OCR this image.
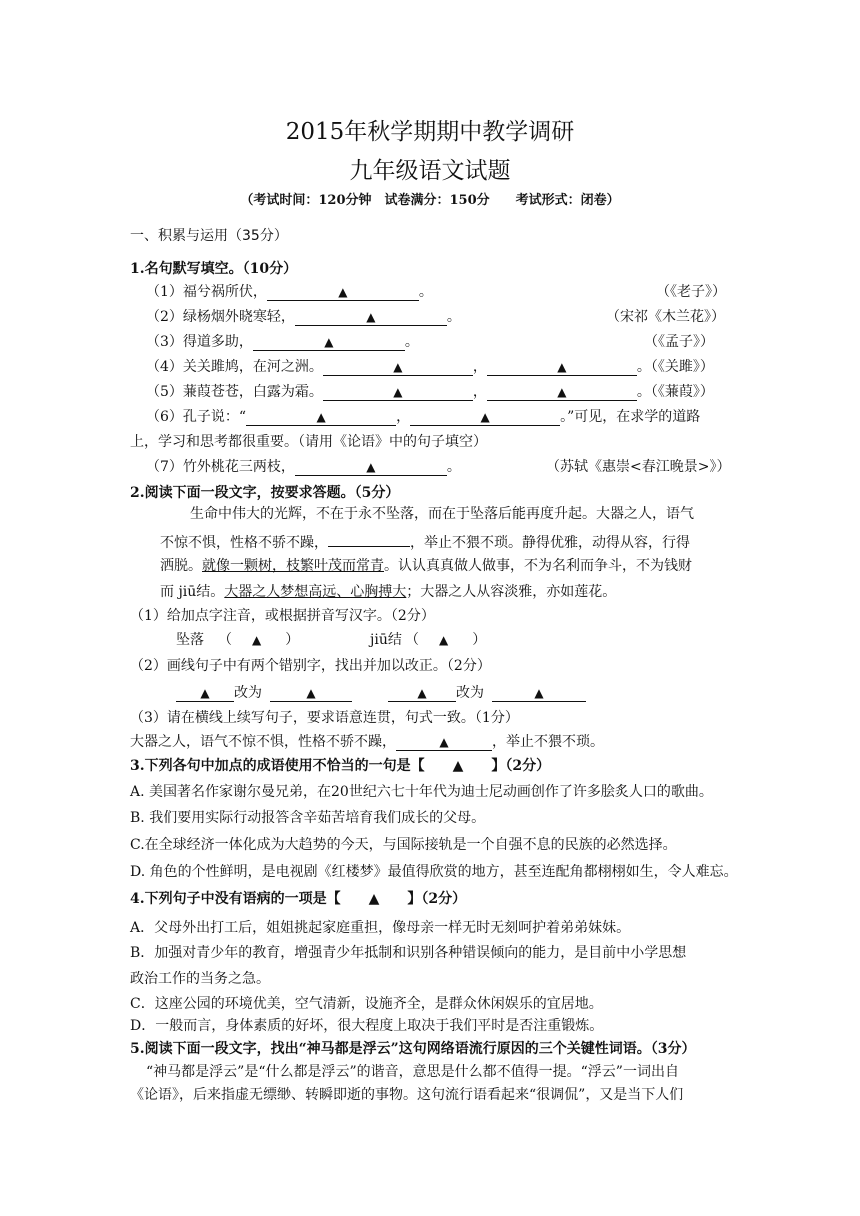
2015年秋学期期中教学调研
九年级语文试题
（考试时间：120分钟　试卷满分：150分　　考试形式：闭卷）
一、积累与运用（35分）
1.名句默写填空。（10分）
（1）福兮祸所伏，	▲	。	（《老子》）
（2）绿杨烟外晓寒轻，	▲	。	（宋祁《木兰花》）
（3）得道多助，	▲	。	（《孟子》）
（4）关关雎鸠，在河之洲。	▲	，	▲	。（《关雎》）
（5）蒹葭苍苍，白露为霜。	▲	，	▲	。（《蒹葭》）
（6）孔子说：“	▲	，	▲	。”可见，在求学的道路
上，学习和思考都很重要。（请用《论语》中的句子填空）
（7）竹外桃花三两枝，	▲	。	（苏轼《惠崇<春江晚景>》）
2.阅读下面一段文字，按要求答题。（5分）
生命中伟大的光辉，不在于永不坠落，而在于坠落后能再度升起。大器之人，语气
不惊不惧，性格不骄不躁，	，举止不猥不琐。静得优雅，动得从容，行得
洒脱。就像一颗树，枝繁叶茂而常青。认认真真做人做事，不为名利而争斗，不为钱财
而 jiū结。大器之人梦想高远、心胸搏大；大器之人从容淡雅，亦如莲花。
（1）给加点字注音，或根据拼音写汉字。（2分）
坠落 （ ▲ ）	jiū结 （ ▲ ）
（2）画线句子中有两个错别字，找出并加以改正。（2分）
▲ 改为	▲	▲ 改为	▲
（3）请在横线上续写句子，要求语意连贯，句式一致。（1分）
大器之人，语气不惊不惧，性格不骄不躁，	▲	，举止不猥不琐。
3.下列各句中加点的成语使用不恰当的一句是【　　▲　　】（2分）
A. 美国著名作家谢尔曼兄弟，在20世纪六七十年代为迪士尼动画创作了许多脍炙人口的歌曲。
B. 我们要用实际行动报答含辛茹苦培育我们成长的父母。
C.在全球经济一体化成为大趋势的今天，与国际接轨是一个自强不息的民族的必然选择。
D. 角色的个性鲜明，是电视剧《红楼梦》最值得欣赏的地方，甚至连配角都栩栩如生，令人难忘。
4.下列句子中没有语病的一项是【　　▲　　】（2分）
A．父母外出打工后，姐姐挑起家庭重担，像母亲一样无时无刻呵护着弟弟妹妹。
B．加强对青少年的教育，增强青少年抵制和识别各种错误倾向的能力，是目前中小学思想
政治工作的当务之急。
C．这座公园的环境优美，空气清新，设施齐全，是群众休闲娱乐的宜居地。
D．一般而言，身体素质的好坏，很大程度上取决于我们平时是否注重锻炼。
5.阅读下面一段文字，找出“神马都是浮云”这句网络语流行原因的三个关键性词语。（3分）
“神马都是浮云”是“什么都是浮云”的谐音，意思是什么都不值得一提。“浮云”一词出自
《论语》，后来指虚无缥缈、转瞬即逝的事物。这句流行语看起来“很调侃”，又是当下人们
